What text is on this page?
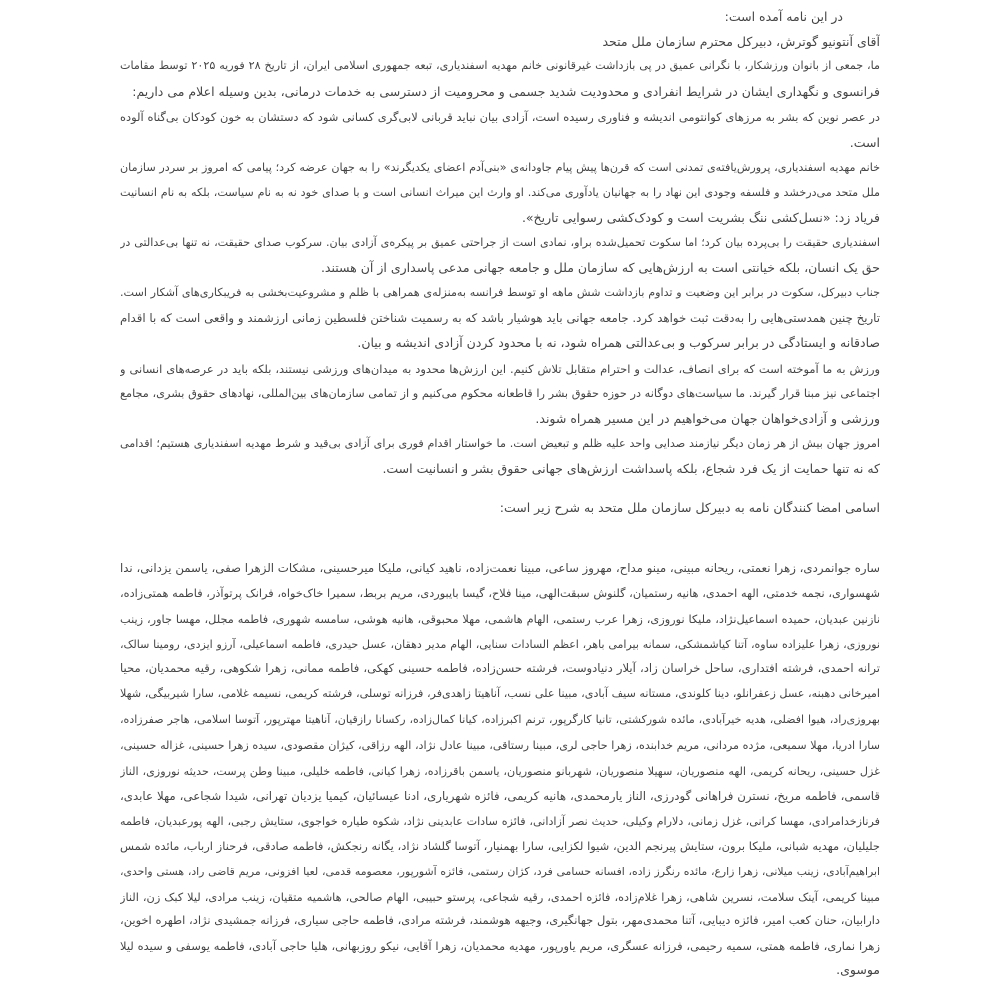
در این نامه آمده است:
آقای آنتونیو گوترش، دبیرکل محترم سازمان ملل متحد
ما، جمعی از بانوان ورزشکار، با نگرانی عمیق در پی بازداشت غیرقانونی خانم مهدیه اسفندیاری، تبعه جمهوری اسلامی ایران، از تاریخ ۲۸ فوریه ۲۰۲۵ توسط مقامات
فرانسوی و نگهداری ایشان در شرایط انفرادی و محدودیت شدید جسمی و محرومیت از دسترسی به خدمات درمانی، بدین وسیله اعلام می داریم:
در عصر نوین که بشر به مرزهای کوانتومی اندیشه و فناوری رسیده است، آزادی بیان نباید قربانی لابی‌گری کسانی شود که دستشان به خون کودکان بی‌گناه آلوده
است.
خانم مهدیه اسفندیاری، پرورش‌یافته‌ی تمدنی است که قرن‌ها پیش پیام جاودانه‌ی «بنی‌آدم اعضای یکدیگرند» را به جهان عرضه کرد؛ پیامی که امروز بر سردر سازمان
ملل متحد می‌درخشد و فلسفه وجودی این نهاد را به جهانیان یادآوری می‌کند. او وارث این میراث انسانی است و با صدای خود نه به نام سیاست، بلکه به نام انسانیت
فریاد زد: «نسل‌کشی ننگ بشریت است و کودک‌کشی رسوایی تاریخ».
اسفندیاری حقیقت را بی‌پرده بیان کرد؛ اما سکوت تحمیل‌شده براو، نمادی است از جراحتی عمیق بر پیکره‌ی آزادی بیان. سرکوب صدای حقیقت، نه تنها بی‌عدالتی در
حق یک انسان، بلکه خیانتی است به ارزش‌هایی که سازمان ملل و جامعه جهانی مدعی پاسداری از آن هستند.
جناب دبیرکل، سکوت در برابر این وضعیت و تداوم بازداشت شش ماهه او توسط فرانسه به‌منزله‌ی همراهی با ظلم و مشروعیت‌بخشی به فریبکاری‌های آشکار است.
تاریخ چنین همدستی‌هایی را به‌دقت ثبت خواهد کرد. جامعه جهانی باید هوشیار باشد که به رسمیت شناختن فلسطین زمانی ارزشمند و واقعی است که با اقدام
صادقانه و ایستادگی در برابر سرکوب و بی‌عدالتی همراه شود، نه با محدود کردن آزادی اندیشه و بیان.
ورزش به ما آموخته است که برای انصاف، عدالت و احترام متقابل تلاش کنیم. این ارزش‌ها محدود به میدان‌های ورزشی نیستند، بلکه باید در عرصه‌های انسانی و
اجتماعی نیز مبنا قرار گیرند. ما سیاست‌های دوگانه در حوزه حقوق بشر را قاطعانه محکوم می‌کنیم و از تمامی سازمان‌های بین‌المللی، نهادهای حقوق بشری، مجامع
ورزشی و آزادی‌خواهان جهان می‌خواهیم در این مسیر همراه شوند.
امروز جهان بیش از هر زمان دیگر نیازمند صدایی واحد علیه ظلم و تبعیض است. ما خواستار اقدام فوری برای آزادی بی‌قید و شرط مهدیه اسفندیاری هستیم؛ اقدامی
که نه تنها حمایت از یک فرد شجاع، بلکه پاسداشت ارزش‌های جهانی حقوق بشر و انسانیت است.
اسامی امضا کنندگان نامه به دبیرکل سازمان ملل متحد به شرح زیر است:
ساره جوانمردی، زهرا نعمتی، ریحانه مبینی، مینو مداح، مهروز ساعی، مبینا نعمت‌زاده، ناهید کیانی، ملیکا میرحسینی، مشکات الزهرا صفی، یاسمن یزدانی، ندا
شهسواری، نجمه خدمتی، الهه احمدی، هانیه رستمیان، گلنوش سبقت‌الهی، مینا فلاح، گیسا بایبوردی، مریم بربط، سمیرا خاک‌خواه، فرانک پرتوآذر، فاطمه همتی‌زاده،
نازنین عبدیان، حمیده اسماعیل‌نژاد، ملیکا نوروزی، زهرا عرب رستمی، الهام هاشمی، مهلا محبوقی، هانیه هوشی، سامسه شهوری، فاطمه مجلل، مهسا جاور، زینب
نوروزی، زهرا علیزاده ساوه، آتنا کیاشمشکی، سمانه بیرامی باهر، اعظم السادات سنایی، الهام مدیر دهقان، عسل حیدری، فاطمه اسماعیلی، آرزو ایزدی، رومینا سالک،
ترانه احمدی، فرشته افتداری، ساحل خراسان زاد، آیلار دنیادوست، فرشته حسن‌زاده، فاطمه حسینی کهکی، فاطمه ممانی، زهرا شکوهی، رقیه محمدیان، محیا
امیرخانی دهبنه، عسل زعفرانلو، دینا کلوندی، مستانه سیف آبادی، مبینا علی نسب، آناهیتا زاهدی‌فر، فرزانه توسلی، فرشته کریمی، نسیمه غلامی، سارا شیربیگی، شهلا
بهروزی‌راد، هیوا افضلی، هدیه خیرآبادی، مائده شورکشتی، تانیا کارگرپور، ترنم اکبرزاده، کیانا کمال‌زاده، رکسانا رازقیان، آناهیتا مهترپور، آتوسا اسلامی، هاجر صفرزاده،
سارا ادریا، مهلا سمیعی، مژده مردانی، مریم خدابنده، زهرا حاجی لری، مبینا رستاقی، مبینا عادل نژاد، الهه رزاقی، کیژان مقصودی، سیده زهرا حسینی، غزاله حسینی،
غزل حسینی، ریحانه کریمی، الهه منصوریان، سهیلا منصوریان، شهربانو منصوریان، یاسمن باقرزاده، زهرا کیانی، فاطمه خلیلی، مبینا وطن پرست، حدیثه نوروزی، الناز
قاسمی، فاطمه مریخ، نسترن فراهانی گودرزی، الناز یارمحمدی، هانیه کریمی، فائزه شهریاری، ادنا عیسائیان، کیمیا یزدیان تهرانی، شیدا شجاعی، مهلا عابدی،
فرنازخدامرادی، مهسا کرانی، غزل زمانی، دلارام وکیلی، حدیث نصر آزادانی، فائزه سادات عابدینی نژاد، شکوه طیاره خواجوی، ستایش رجبی، الهه پورعبدیان، فاطمه
جلیلیان، مهدیه شبانی، ملیکا برون، ستایش پیرنجم الدین، شیوا لکزایی، سارا بهمنیار، آتوسا گلشاد نژاد، یگانه رنجکش، فاطمه صادقی، فرحناز ارباب، مائده شمس
ابراهیم‌آبادی، زینب میلانی، زهرا زارع، مائده رنگرز زاده، افسانه حسامی فرد، کژان رستمی، فائزه آشورپور، معصومه قدمی، لعیا افزونی، مریم قاضی راد، هستی واحدی،
مبینا کریمی، آینک سلامت، نسرین شاهی، زهرا غلام‌زاده، فائزه احمدی، رقیه شجاعی، پرستو حبیبی، الهام صالحی، هاشمیه متقیان، زینب مرادی، لیلا کبک زن، الناز
دارابیان، حنان کعب امیر، فائزه دیبایی، آتنا محمدی‌مهر، بتول جهانگیری، وجیهه هوشمند، فرشته مرادی، فاطمه حاجی سیاری، فرزانه جمشیدی نژاد، اطهره اخوین،
زهرا نماری، فاطمه همتی، سمیه رحیمی، فرزانه عسگری، مریم یاورپور، مهدیه محمدیان، زهرا آقایی، نیکو روزبهانی، هلیا حاجی آبادی، فاطمه یوسفی و سیده لیلا
موسوی.
